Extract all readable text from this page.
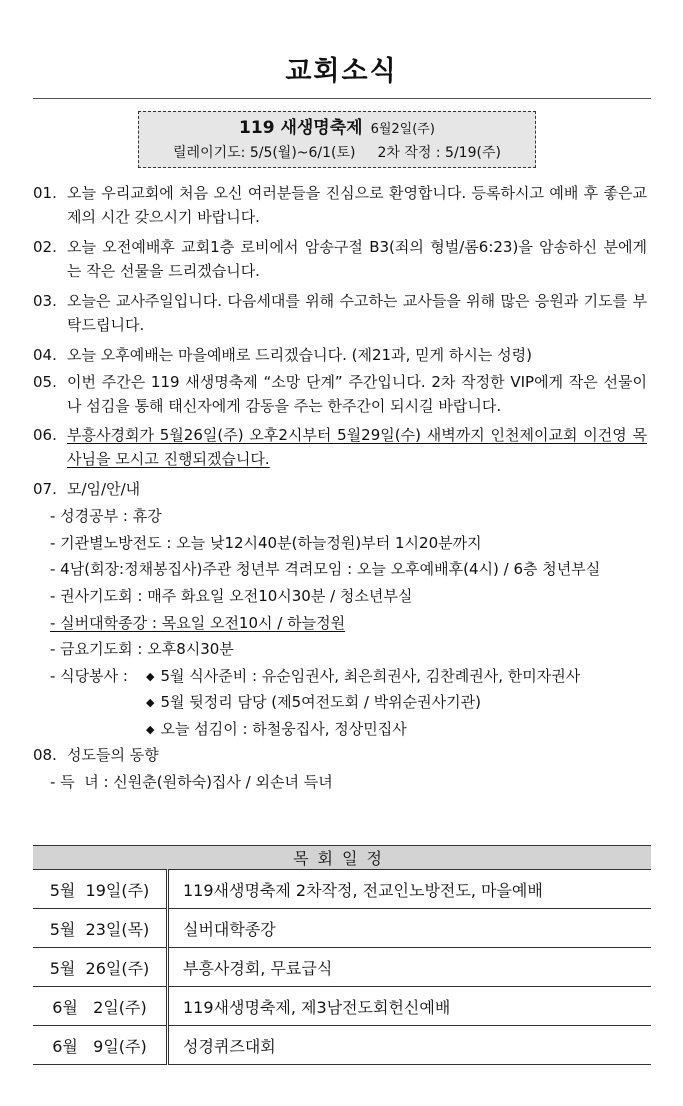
교회소식
119 새생명축제 6월2일(주)
릴레이기도: 5/5(월)~6/1(토) 2차 작정 : 5/19(주)
01. 오늘 우리교회에 처음 오신 여러분들을 진심으로 환영합니다. 등록하시고 예배 후 좋은교제의 시간 갖으시기 바랍니다.
02. 오늘 오전예배후 교회1층 로비에서 암송구절 B3(죄의 형벌/롬6:23)을 암송하신 분에게는 작은 선물을 드리겠습니다.
03. 오늘은 교사주일입니다. 다음세대를 위해 수고하는 교사들을 위해 많은 응원과 기도를 부탁드립니다.
04. 오늘 오후예배는 마을예배로 드리겠습니다. (제21과, 믿게 하시는 성령)
05. 이번 주간은 119 새생명축제 “소망 단계” 주간입니다. 2차 작정한 VIP에게 작은 선물이나 섬김을 통해 태신자에게 감동을 주는 한주간이 되시길 바랍니다.
06. 부흥사경회가 5월26일(주) 오후2시부터 5월29일(수) 새벽까지 인천제이교회 이건영 목사님을 모시고 진행되겠습니다.
07. 모/임/안/내
- 성경공부 : 휴강
- 기관별노방전도 : 오늘 낮12시40분(하늘정원)부터 1시20분까지
- 4남(회장:정채봉집사)주관 청년부 격려모임 : 오늘 오후예배후(4시) / 6층 청년부실
- 권사기도회 : 매주 화요일 오전10시30분 / 청소년부실
- 실버대학종강 : 목요일 오전10시 / 하늘정원
- 금요기도회 : 오후8시30분
- 식당봉사 : ◆ 5월 식사준비 : 유순임권사, 최은희권사, 김찬례권사, 한미자권사
◆ 5월 뒷정리 담당 (제5여전도회 / 박위순권사기관)
◆ 오늘 섬김이 : 하철웅집사, 정상민집사
08. 성도들의 동향
- 득  녀 : 신원춘(원하숙)집사 / 외손녀 득녀
목회일정	
5월  19일(주)	119새생명축제 2차작정, 전교인노방전도, 마을예배
5월  23일(목)	실버대학종강
5월  26일(주)	부흥사경회, 무료급식
6월   2일(주)	119새생명축제, 제3남전도회헌신예배
6월   9일(주)	성경퀴즈대회
